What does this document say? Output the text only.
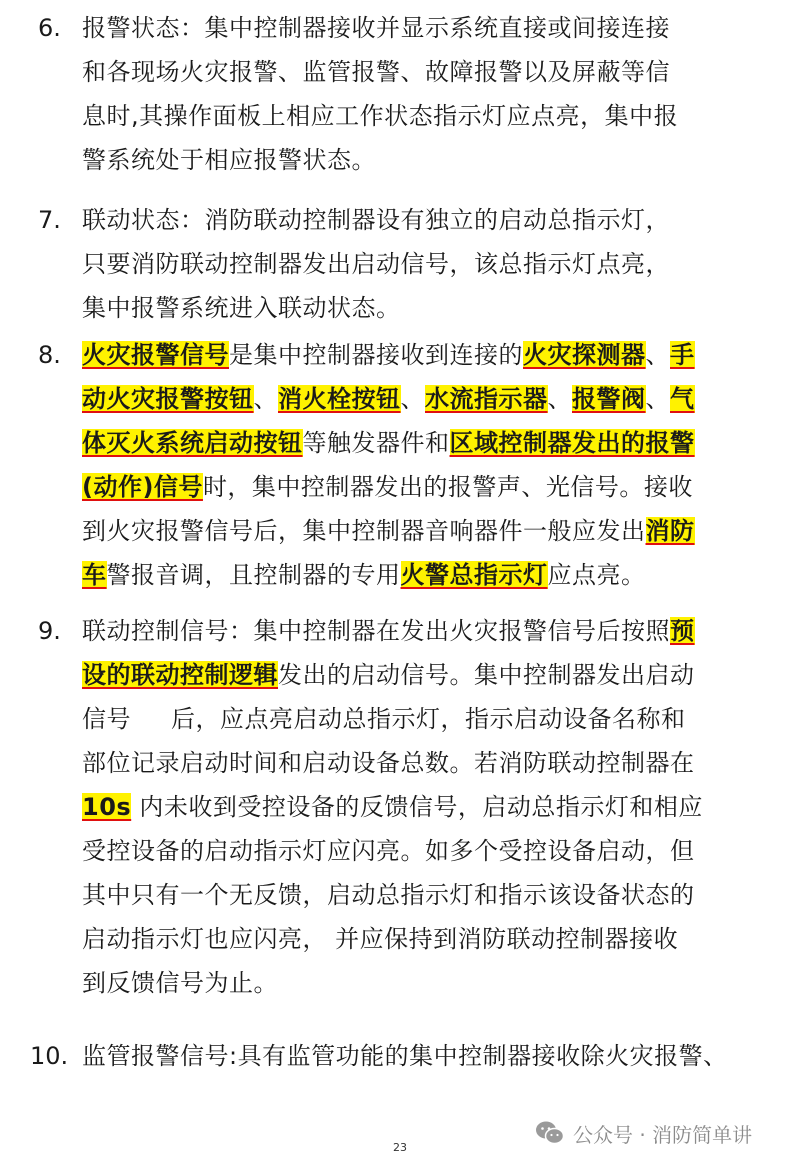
6. 报警状态：集中控制器接收并显示系统直接或间接连接
和各现场火灾报警、监管报警、故障报警以及屏蔽等信
息时,其操作面板上相应工作状态指示灯应点亮，集中报
警系统处于相应报警状态。
7. 联动状态：消防联动控制器设有独立的启动总指示灯，
只要消防联动控制器发出启动信号，该总指示灯点亮，
集中报警系统进入联动状态。
8. 火灾报警信号是集中控制器接收到连接的火灾探测器、手
动火灾报警按钮、消火栓按钮、水流指示器、报警阀、气
体灭火系统启动按钮等触发器件和区域控制器发出的报警
(动作)信号时，集中控制器发出的报警声、光信号。接收
到火灾报警信号后，集中控制器音响器件一般应发出消防
车警报音调，且控制器的专用火警总指示灯应点亮。
9. 联动控制信号：集中控制器在发出火灾报警信号后按照预
设的联动控制逻辑发出的启动信号。集中控制器发出启动
信号 后，应点亮启动总指示灯，指示启动设备名称和
部位记录启动时间和启动设备总数。若消防联动控制器在
10s 内未收到受控设备的反馈信号，启动总指示灯和相应
受控设备的启动指示灯应闪亮。如多个受控设备启动，但
其中只有一个无反馈，启动总指示灯和指示该设备状态的
启动指示灯也应闪亮， 并应保持到消防联动控制器接收
到反馈信号为止。
10. 监管报警信号:具有监管功能的集中控制器接收除火灾报警、
23
公众号 · 消防简单讲
